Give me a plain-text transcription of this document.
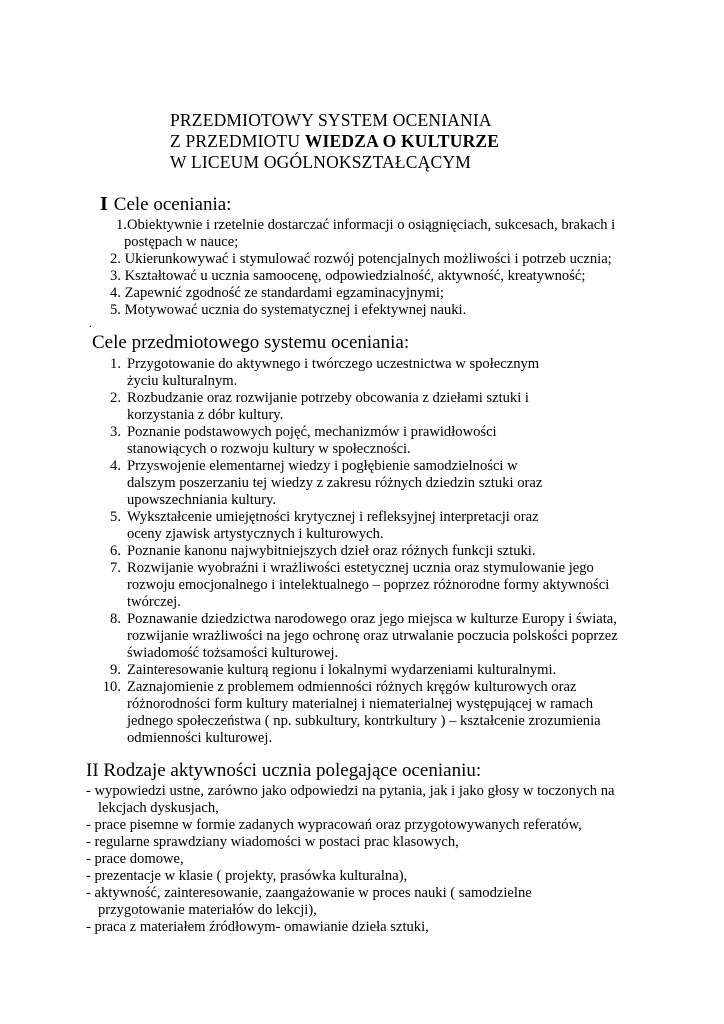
PRZEDMIOTOWY SYSTEM OCENIANIA
Z PRZEDMIOTU WIEDZA O KULTURZE
W LICEUM OGÓLNOKSZTAŁCĄCYM
I Cele oceniania:
1.Obiektywnie i rzetelnie dostarczać informacji o osiągnięciach, sukcesach, brakach i
postępach w nauce;
2. Ukierunkowywać i stymulować rozwój potencjalnych możliwości i potrzeb ucznia;
3. Kształtować u ucznia samoocenę, odpowiedzialność, aktywność, kreatywność;
4. Zapewnić zgodność ze standardami egzaminacyjnymi;
5. Motywować ucznia do systematycznej i efektywnej nauki.
.
Cele przedmiotowego systemu oceniania:
1. Przygotowanie do aktywnego i twórczego uczestnictwa w społecznym
życiu kulturalnym.
2. Rozbudzanie oraz rozwijanie potrzeby obcowania z dziełami sztuki i
korzystania z dóbr kultury.
3. Poznanie podstawowych pojęć, mechanizmów i prawidłowości
stanowiących o rozwoju kultury w społeczności.
4. Przyswojenie elementarnej wiedzy i pogłębienie samodzielności w
dalszym poszerzaniu tej wiedzy z zakresu różnych dziedzin sztuki oraz
upowszechniania kultury.
5. Wykształcenie umiejętności krytycznej i refleksyjnej interpretacji oraz
oceny zjawisk artystycznych i kulturowych.
6. Poznanie kanonu najwybitniejszych dzieł oraz różnych funkcji sztuki.
7. Rozwijanie wyobraźni i wrażliwości estetycznej ucznia oraz stymulowanie jego
rozwoju emocjonalnego i intelektualnego – poprzez różnorodne formy aktywności
twórczej.
8. Poznawanie dziedzictwa narodowego oraz jego miejsca w kulturze Europy i świata,
rozwijanie wrażliwości na jego ochronę oraz utrwalanie poczucia polskości poprzez
świadomość tożsamości kulturowej.
9. Zainteresowanie kulturą regionu i lokalnymi wydarzeniami kulturalnymi.
10. Zaznajomienie z problemem odmienności różnych kręgów kulturowych oraz
różnorodności form kultury materialnej i niematerialnej występującej w ramach
jednego społeczeństwa ( np. subkultury, kontrkultury ) – kształcenie zrozumienia
odmienności kulturowej.
II Rodzaje aktywności ucznia polegające ocenianiu:
- wypowiedzi ustne, zarówno jako odpowiedzi na pytania, jak i jako głosy w toczonych na
lekcjach dyskusjach,
- prace pisemne w formie zadanych wypracowań oraz przygotowywanych referatów,
- regularne sprawdziany wiadomości w postaci prac klasowych,
- prace domowe,
- prezentacje w klasie ( projekty, prasówka kulturalna),
- aktywność, zainteresowanie, zaangażowanie w proces nauki ( samodzielne
przygotowanie materiałów do lekcji),
- praca z materiałem źródłowym- omawianie dzieła sztuki,
